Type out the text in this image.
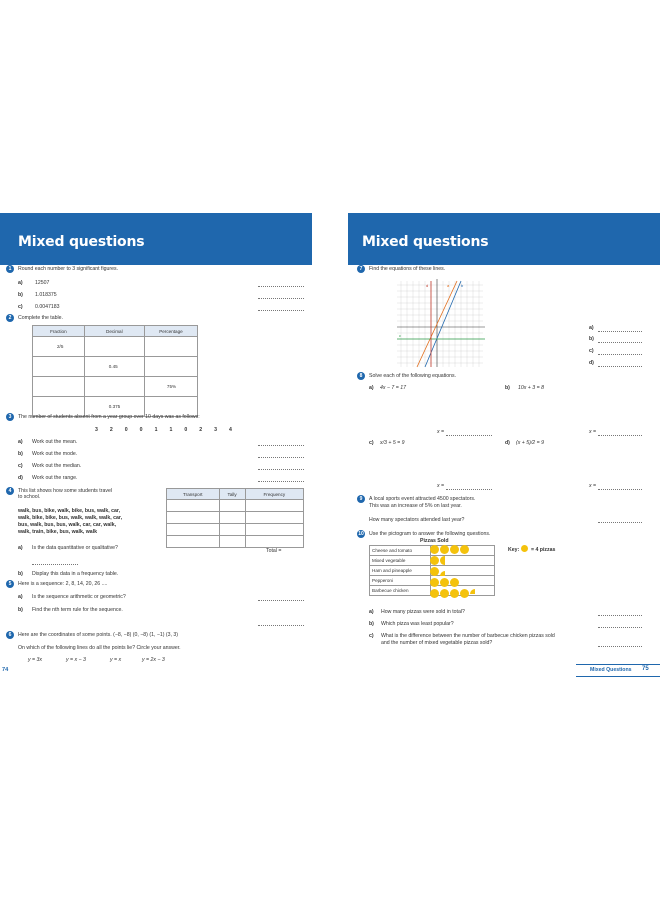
Mixed questions
1	Round each number to 3 significant figures.
a) 12507
b) 1.018375
c) 0.0047183
2	Complete the table.
Fraction	Decimal	Percentage
2/5		
	0.45	
		75%
	0.375	
3	The number of students absent from a year group over 10 days was as follows:
3 2 0 0 1 1 0 2 3 4
a) Work out the mean.
b) Work out the mode.
c) Work out the median.
d) Work out the range.
4	This list shows how some students travel
to school.
walk, bus, bike, walk, bike, bus, walk, car,
walk, bike, bike, bus, walk, walk, walk, car,
bus, walk, bus, bus, walk, car, car, walk,
walk, train, bike, bus, walk, walk
Transport	Tally	Frequency

Total =
a) Is the data quantitative or qualitative?
b) Display this data in a frequency table.
5	Here is a sequence: 2, 8, 14, 20, 26 ....
a) Is the sequence arithmetic or geometric?
b) Find the nth term rule for the sequence.
6	Here are the coordinates of some points. (−8, −8) (0, −8) (1, −1) (3, 3)
On which of the following lines do all the points lie? Circle your answer.
y = 3x	y = x − 3	y = x	y = 2x − 3
74
Mixed questions
7	Find the equations of these lines.
a	b
c
d
a)
b)
c)
d)
8	Solve each of the following equations.
a) 4x − 7 = 17	b) 10x + 3 = 8
x =	x =
c) x/3 + 5 = 9	d) (x + 5)/2 = 9
x =	x =
9	A local sports event attracted 4500 spectators.
This was an increase of 5% on last year.
How many spectators attended last year?
10 Use the pictogram to answer the following questions.
Pizzas Sold
Cheese and tomato	
Mixed vegetable	
Ham and pineapple	
Pepperoni	
Barbecue chicken	
Key: = 4 pizzas
a) How many pizzas were sold in total?
b) Which pizza was least popular?
c) What is the difference between the number of barbecue chicken pizzas sold
and the number of mixed vegetable pizzas sold?
Mixed Questions 75
